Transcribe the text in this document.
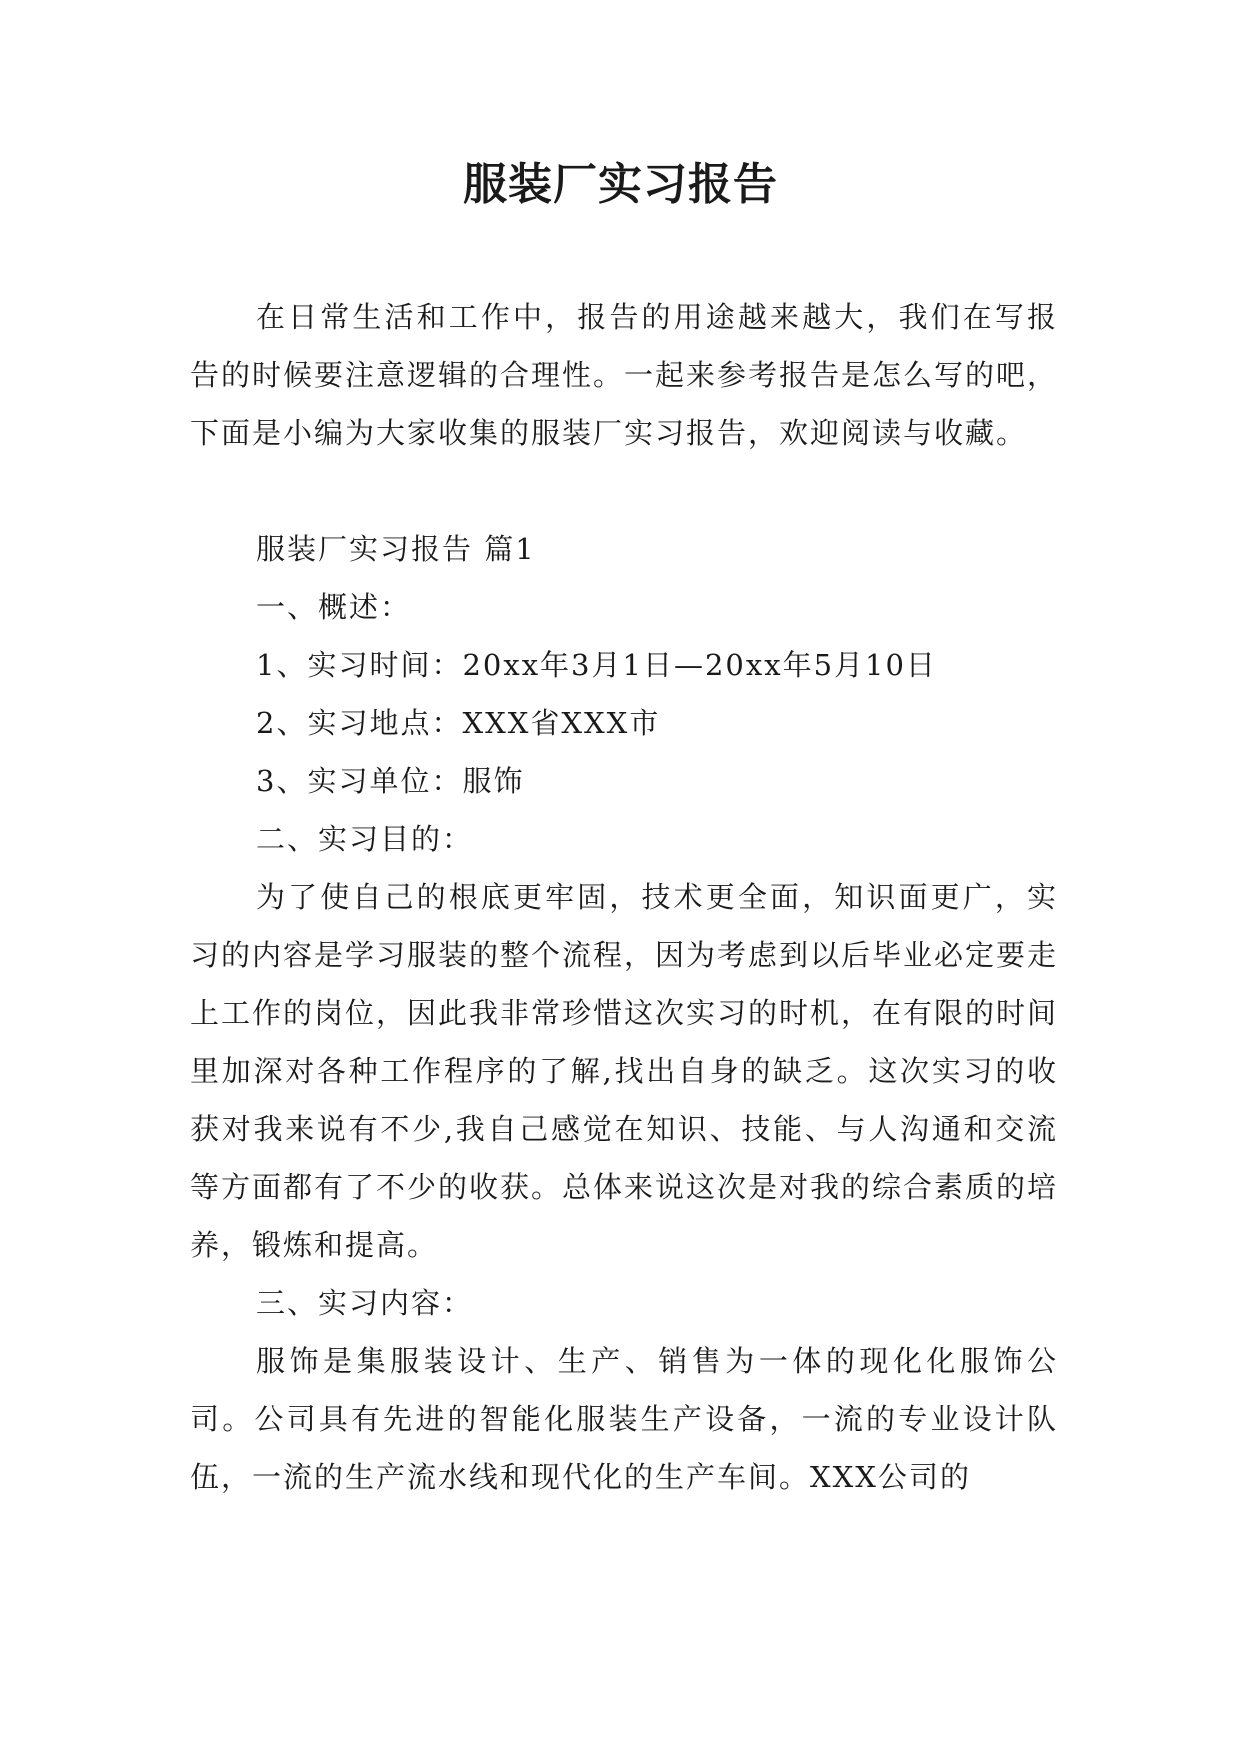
服装厂实习报告

在日常生活和工作中，报告的用途越来越大，我们在写报告的时候要注意逻辑的合理性。一起来参考报告是怎么写的吧，下面是小编为大家收集的服装厂实习报告，欢迎阅读与收藏。

服装厂实习报告 篇1

一、概述：

1、实习时间：20xx年3月1日—20xx年5月10日

2、实习地点：XXX省XXX市

3、实习单位：服饰

二、实习目的：

为了使自己的根底更牢固，技术更全面，知识面更广，实习的内容是学习服装的整个流程，因为考虑到以后毕业必定要走上工作的岗位，因此我非常珍惜这次实习的时机，在有限的时间里加深对各种工作程序的了解,找出自身的缺乏。这次实习的收获对我来说有不少,我自己感觉在知识、技能、与人沟通和交流等方面都有了不少的收获。总体来说这次是对我的综合素质的培养，锻炼和提高。

三、实习内容：

服饰是集服装设计、生产、销售为一体的现化化服饰公司。公司具有先进的智能化服装生产设备，一流的专业设计队伍，一流的生产流水线和现代化的生产车间。XXX公司的
